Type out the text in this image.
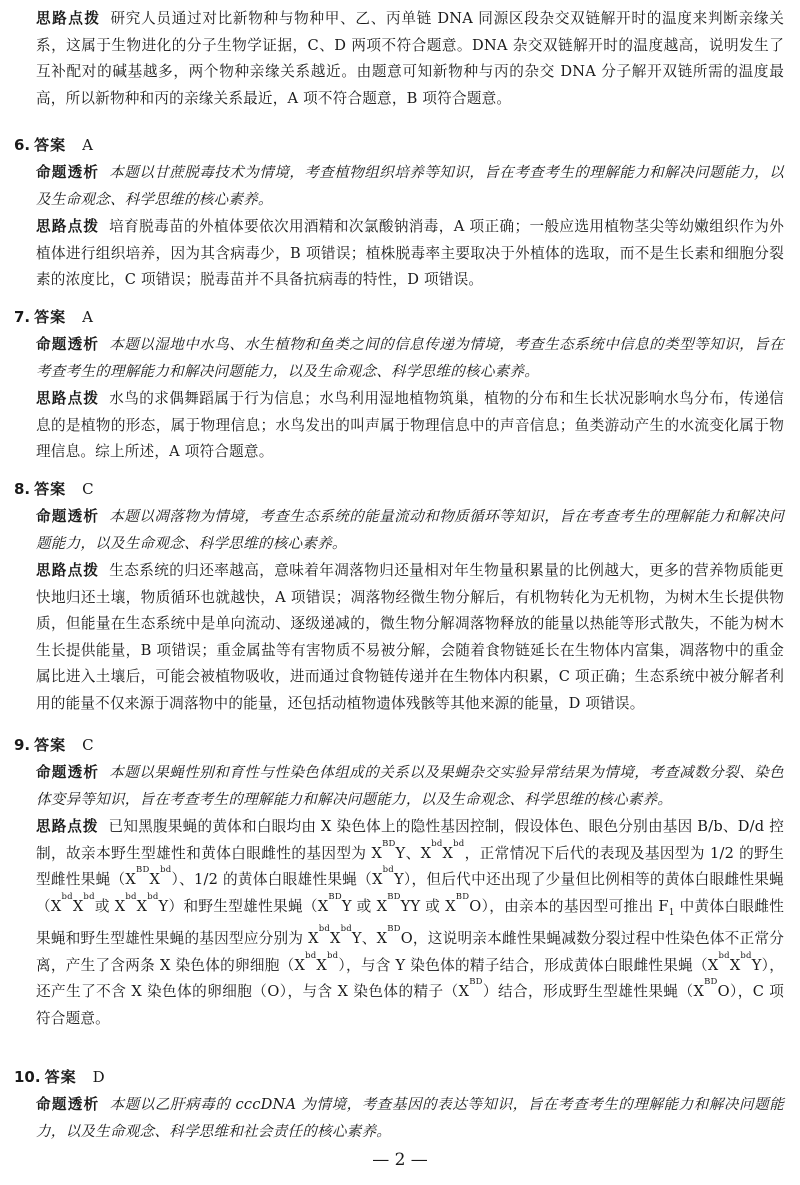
思路点拨 研究人员通过对比新物种与物种甲、乙、丙单链 DNA 同源区段杂交双链解开时的温度来判断亲缘关系，这属于生物进化的分子生物学证据，C、D 两项不符合题意。DNA 杂交双链解开时的温度越高，说明发生了互补配对的碱基越多，两个物种亲缘关系越近。由题意可知新物种与丙的杂交 DNA 分子解开双链所需的温度最高，所以新物种和丙的亲缘关系最近，A 项不符合题意，B 项符合题意。
6. 答案 A
命题透析 本题以甘蔗脱毒技术为情境，考查植物组织培养等知识，旨在考查考生的理解能力和解决问题能力，以及生命观念、科学思维的核心素养。
思路点拨 培育脱毒苗的外植体要依次用酒精和次氯酸钠消毒，A 项正确；一般应选用植物茎尖等幼嫩组织作为外植体进行组织培养，因为其含病毒少，B 项错误；植株脱毒率主要取决于外植体的选取，而不是生长素和细胞分裂素的浓度比，C 项错误；脱毒苗并不具备抗病毒的特性，D 项错误。
7. 答案 A
命题透析 本题以湿地中水鸟、水生植物和鱼类之间的信息传递为情境，考查生态系统中信息的类型等知识，旨在考查考生的理解能力和解决问题能力，以及生命观念、科学思维的核心素养。
思路点拨 水鸟的求偶舞蹈属于行为信息；水鸟利用湿地植物筑巢，植物的分布和生长状况影响水鸟分布，传递信息的是植物的形态，属于物理信息；水鸟发出的叫声属于物理信息中的声音信息；鱼类游动产生的水流变化属于物理信息。综上所述，A 项符合题意。
8. 答案 C
命题透析 本题以凋落物为情境，考查生态系统的能量流动和物质循环等知识，旨在考查考生的理解能力和解决问题能力，以及生命观念、科学思维的核心素养。
思路点拨 生态系统的归还率越高，意味着年凋落物归还量相对年生物量积累量的比例越大，更多的营养物质能更快地归还土壤，物质循环也就越快，A 项错误；凋落物经微生物分解后，有机物转化为无机物，为树木生长提供物质，但能量在生态系统中是单向流动、逐级递减的，微生物分解凋落物释放的能量以热能等形式散失，不能为树木生长提供能量，B 项错误；重金属盐等有害物质不易被分解，会随着食物链延长在生物体内富集，凋落物中的重金属比进入土壤后，可能会被植物吸收，进而通过食物链传递并在生物体内积累，C 项正确；生态系统中被分解者利用的能量不仅来源于凋落物中的能量，还包括动植物遗体残骸等其他来源的能量，D 项错误。
9. 答案 C
命题透析 本题以果蝇性别和育性与性染色体组成的关系以及果蝇杂交实验异常结果为情境，考查减数分裂、染色体变异等知识，旨在考查考生的理解能力和解决问题能力，以及生命观念、科学思维的核心素养。
思路点拨 已知黑腹果蝇的黄体和白眼均由 X 染色体上的隐性基因控制，假设体色、眼色分别由基因 B/b、D/d 控制，故亲本野生型雄性和黄体白眼雌性的基因型为 $X^{BD}Y$、$X^{bd}X^{bd}$，正常情况下后代的表现及基因型为 1/2 的野生型雌性果蝇$(X^{BD}X^{bd})$、1/2 的黄体白眼雄性果蝇$(X^{bd}Y)$，但后代中还出现了少量但比例相等的黄体白眼雌性果蝇（$X^{bd}X^{bd}$或 $X^{bd}X^{bd}Y$）和野生型雄性果蝇（$X^{BD}Y$ 或 $X^{BD}YY$ 或 $X^{BD}O$），由亲本的基因型可推出 $F_1$ 中黄体白眼雌性果蝇和野生型雄性果蝇的基因型应分别为 $X^{bd}X^{bd}Y$、$X^{BD}O$，这说明亲本雌性果蝇减数分裂过程中性染色体不正常分离，产生了含两条 X 染色体的卵细胞$(X^{bd}X^{bd})$，与含 Y 染色体的精子结合，形成黄体白眼雌性果蝇$(X^{bd}X^{bd}Y)$，还产生了不含 X 染色体的卵细胞（O），与含 X 染色体的精子$(X^{BD})$结合，形成野生型雄性果蝇$(X^{BD}O)$，C 项符合题意。
10. 答案 D
命题透析 本题以乙肝病毒的 cccDNA 为情境，考查基因的表达等知识，旨在考查考生的理解能力和解决问题能力，以及生命观念、科学思维和社会责任的核心素养。
— 2 —
